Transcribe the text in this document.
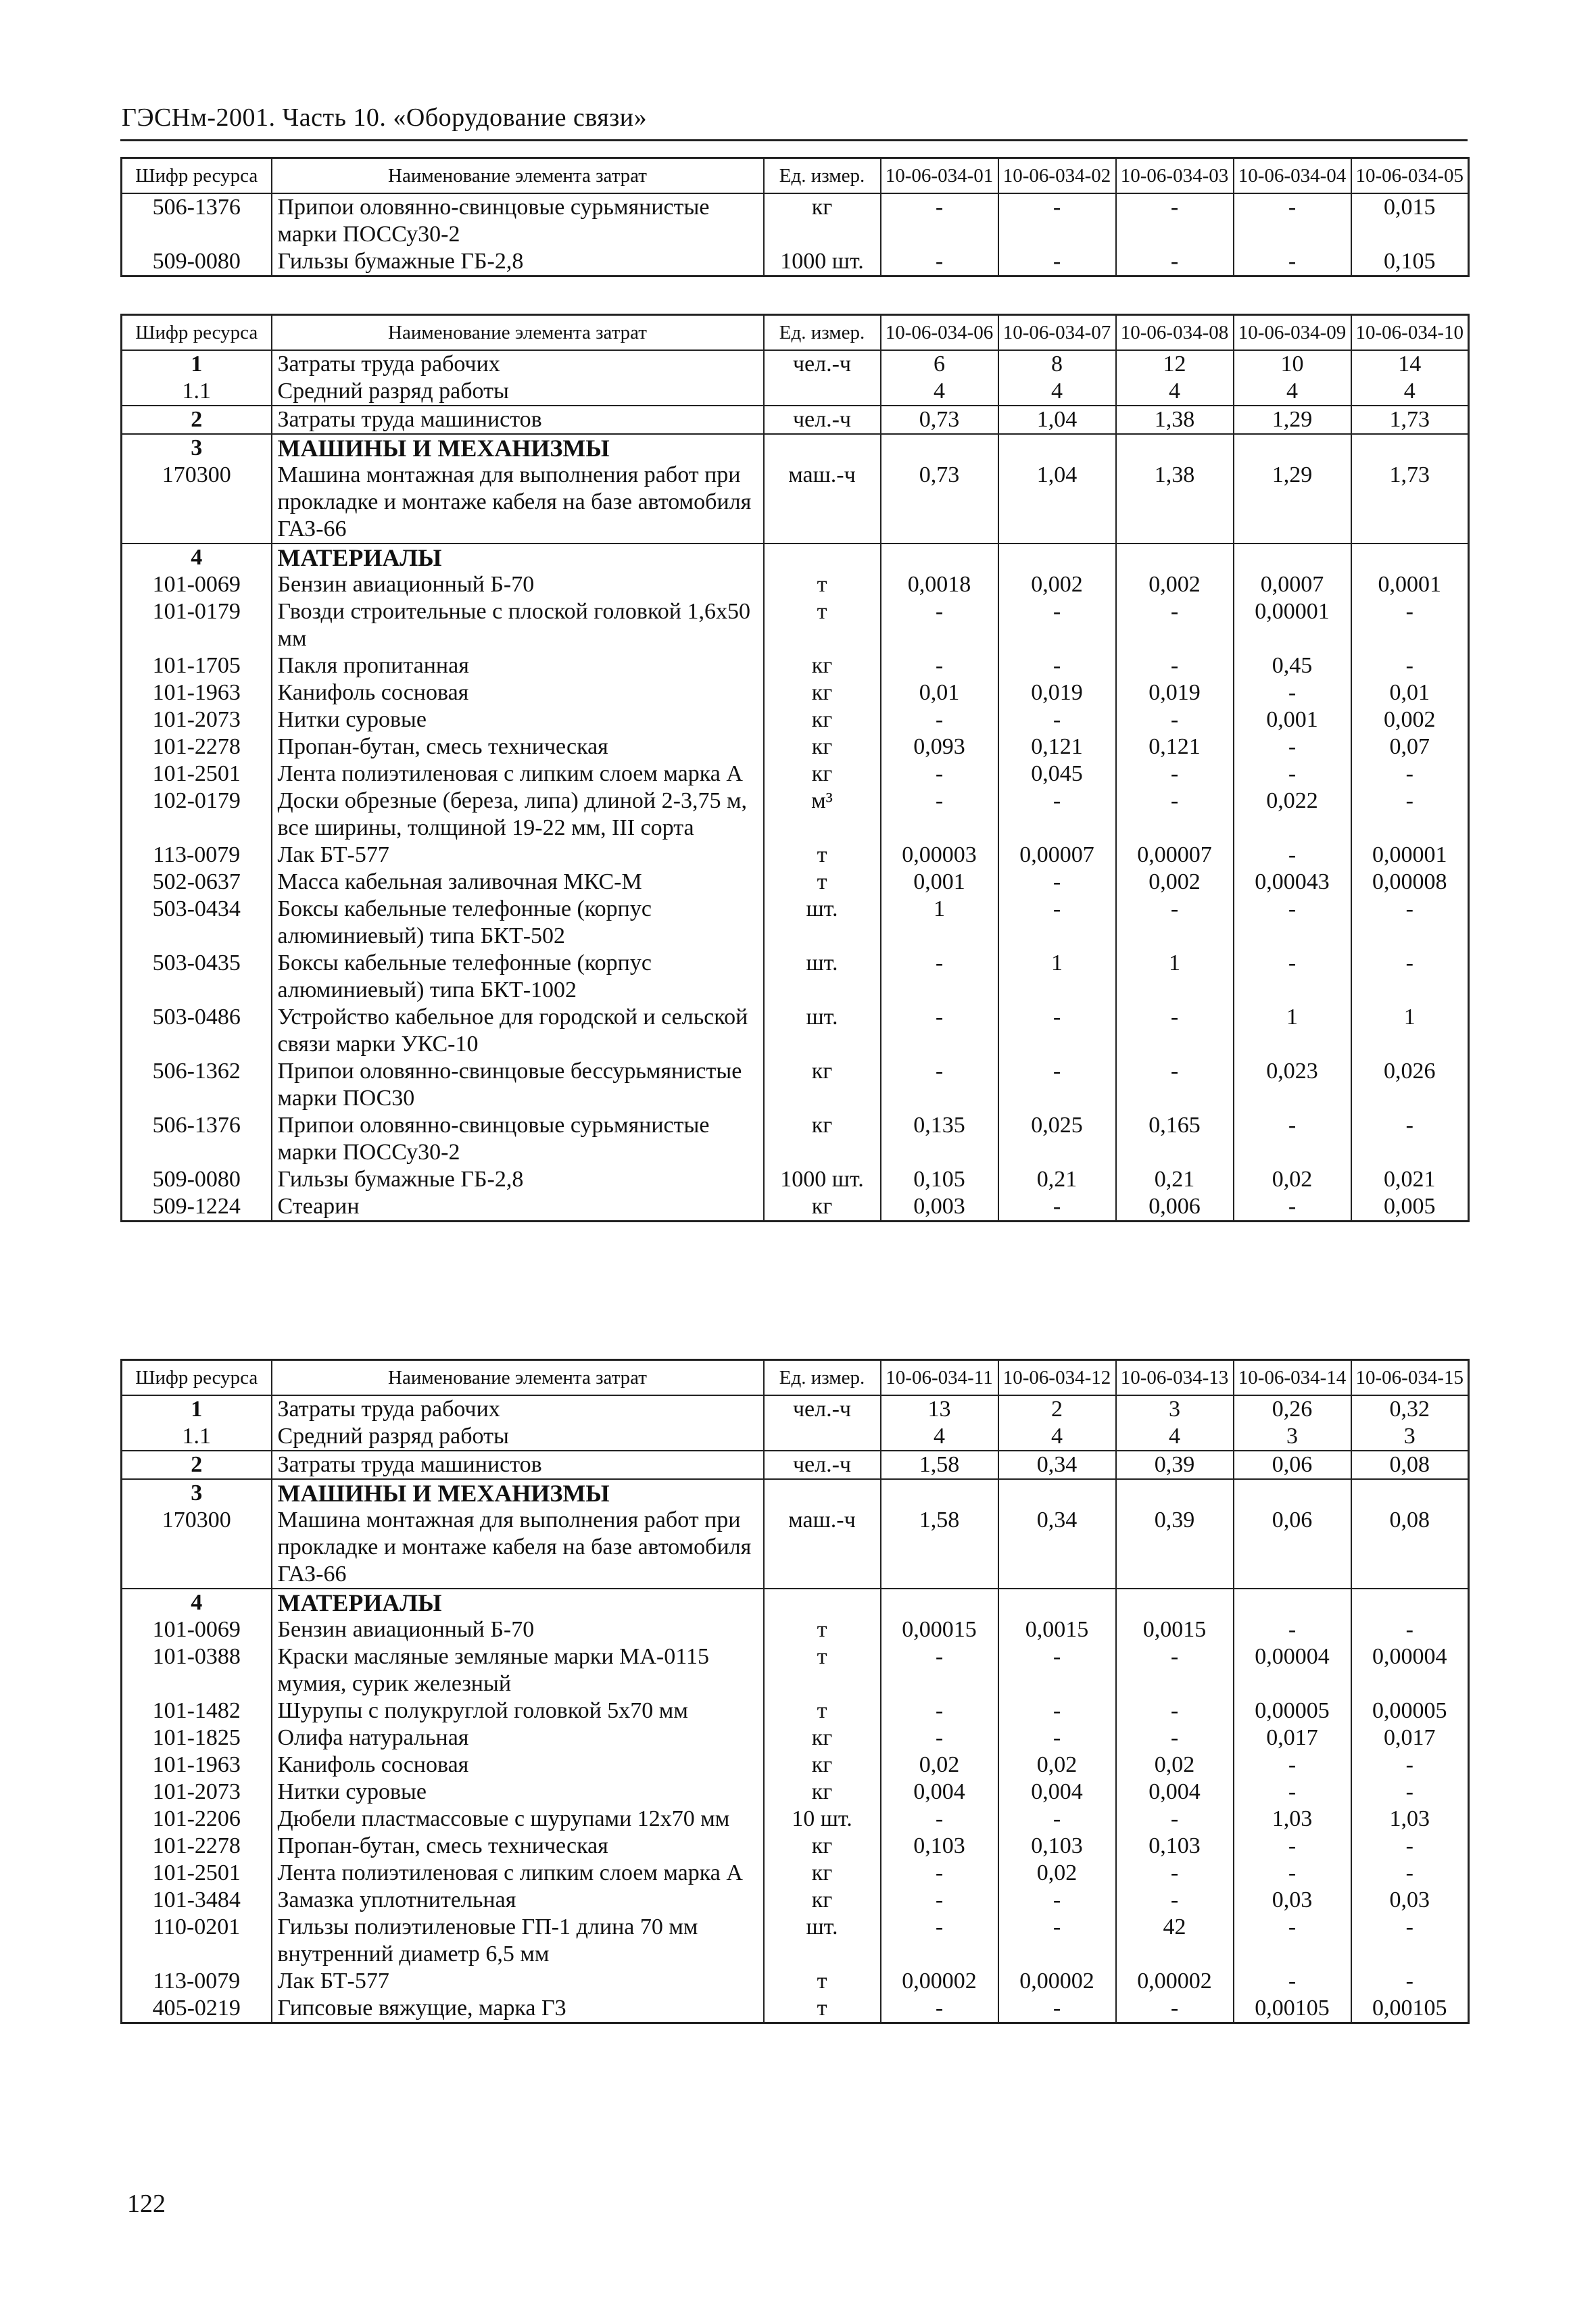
ГЭСНм-2001. Часть 10. «Оборудование связи»
Шифр ресурса	Наименование элемента затрат	Ед. измер.	10-06-034-01	10-06-034-02	10-06-034-03	10-06-034-04	10-06-034-05
506-1376	Припои оловянно-свинцовые сурьмянистые марки ПОССу30-2	кг	-	-	-	-	0,015
509-0080	Гильзы бумажные ГБ-2,8	1000 шт.	-	-	-	-	0,105
Шифр ресурса	Наименование элемента затрат	Ед. измер.	10-06-034-06	10-06-034-07	10-06-034-08	10-06-034-09	10-06-034-10
1	Затраты труда рабочих	чел.-ч	6	8	12	10	14
1.1	Средний разряд работы		4	4	4	4	4
2	Затраты труда машинистов	чел.-ч	0,73	1,04	1,38	1,29	1,73
3	МАШИНЫ И МЕХАНИЗМЫ						
170300	Машина монтажная для выполнения работ при прокладке и монтаже кабеля на базе автомобиля ГАЗ-66	маш.-ч	0,73	1,04	1,38	1,29	1,73
4	МАТЕРИАЛЫ						
101-0069	Бензин авиационный Б-70	т	0,0018	0,002	0,002	0,0007	0,0001
101-0179	Гвозди строительные с плоской головкой 1,6х50 мм	т	-	-	-	0,00001	-
101-1705	Пакля пропитанная	кг	-	-	-	0,45	-
101-1963	Канифоль сосновая	кг	0,01	0,019	0,019	-	0,01
101-2073	Нитки суровые	кг	-	-	-	0,001	0,002
101-2278	Пропан-бутан, смесь техническая	кг	0,093	0,121	0,121	-	0,07
101-2501	Лента полиэтиленовая с липким слоем марка А	кг	-	0,045	-	-	-
102-0179	Доски обрезные (береза, липа) длиной 2-3,75 м, все ширины, толщиной 19-22 мм, III сорта	м³	-	-	-	0,022	-
113-0079	Лак БТ-577	т	0,00003	0,00007	0,00007	-	0,00001
502-0637	Масса кабельная заливочная МКС-М	т	0,001	-	0,002	0,00043	0,00008
503-0434	Боксы кабельные телефонные (корпус алюминиевый) типа БКТ-502	шт.	1	-	-	-	-
503-0435	Боксы кабельные телефонные (корпус алюминиевый) типа БКТ-1002	шт.	-	1	1	-	-
503-0486	Устройство кабельное для городской и сельской связи марки УКС-10	шт.	-	-	-	1	1
506-1362	Припои оловянно-свинцовые бессурьмянистые марки ПОС30	кг	-	-	-	0,023	0,026
506-1376	Припои оловянно-свинцовые сурьмянистые марки ПОССу30-2	кг	0,135	0,025	0,165	-	-
509-0080	Гильзы бумажные ГБ-2,8	1000 шт.	0,105	0,21	0,21	0,02	0,021
509-1224	Стеарин	кг	0,003	-	0,006	-	0,005
Шифр ресурса	Наименование элемента затрат	Ед. измер.	10-06-034-11	10-06-034-12	10-06-034-13	10-06-034-14	10-06-034-15
1	Затраты труда рабочих	чел.-ч	13	2	3	0,26	0,32
1.1	Средний разряд работы		4	4	4	3	3
2	Затраты труда машинистов	чел.-ч	1,58	0,34	0,39	0,06	0,08
3	МАШИНЫ И МЕХАНИЗМЫ						
170300	Машина монтажная для выполнения работ при прокладке и монтаже кабеля на базе автомобиля ГАЗ-66	маш.-ч	1,58	0,34	0,39	0,06	0,08
4	МАТЕРИАЛЫ						
101-0069	Бензин авиационный Б-70	т	0,00015	0,0015	0,0015	-	-
101-0388	Краски масляные земляные марки МА-0115 мумия, сурик железный	т	-	-	-	0,00004	0,00004
101-1482	Шурупы с полукруглой головкой 5х70 мм	т	-	-	-	0,00005	0,00005
101-1825	Олифа натуральная	кг	-	-	-	0,017	0,017
101-1963	Канифоль сосновая	кг	0,02	0,02	0,02	-	-
101-2073	Нитки суровые	кг	0,004	0,004	0,004	-	-
101-2206	Дюбели пластмассовые с шурупами 12х70 мм	10 шт.	-	-	-	1,03	1,03
101-2278	Пропан-бутан, смесь техническая	кг	0,103	0,103	0,103	-	-
101-2501	Лента полиэтиленовая с липким слоем марка А	кг	-	0,02	-	-	-
101-3484	Замазка уплотнительная	кг	-	-	-	0,03	0,03
110-0201	Гильзы полиэтиленовые ГП-1 длина 70 мм внутренний диаметр 6,5 мм	шт.	-	-	42	-	-
113-0079	Лак БТ-577	т	0,00002	0,00002	0,00002	-	-
405-0219	Гипсовые вяжущие, марка Г3	т	-	-	-	0,00105	0,00105
122
